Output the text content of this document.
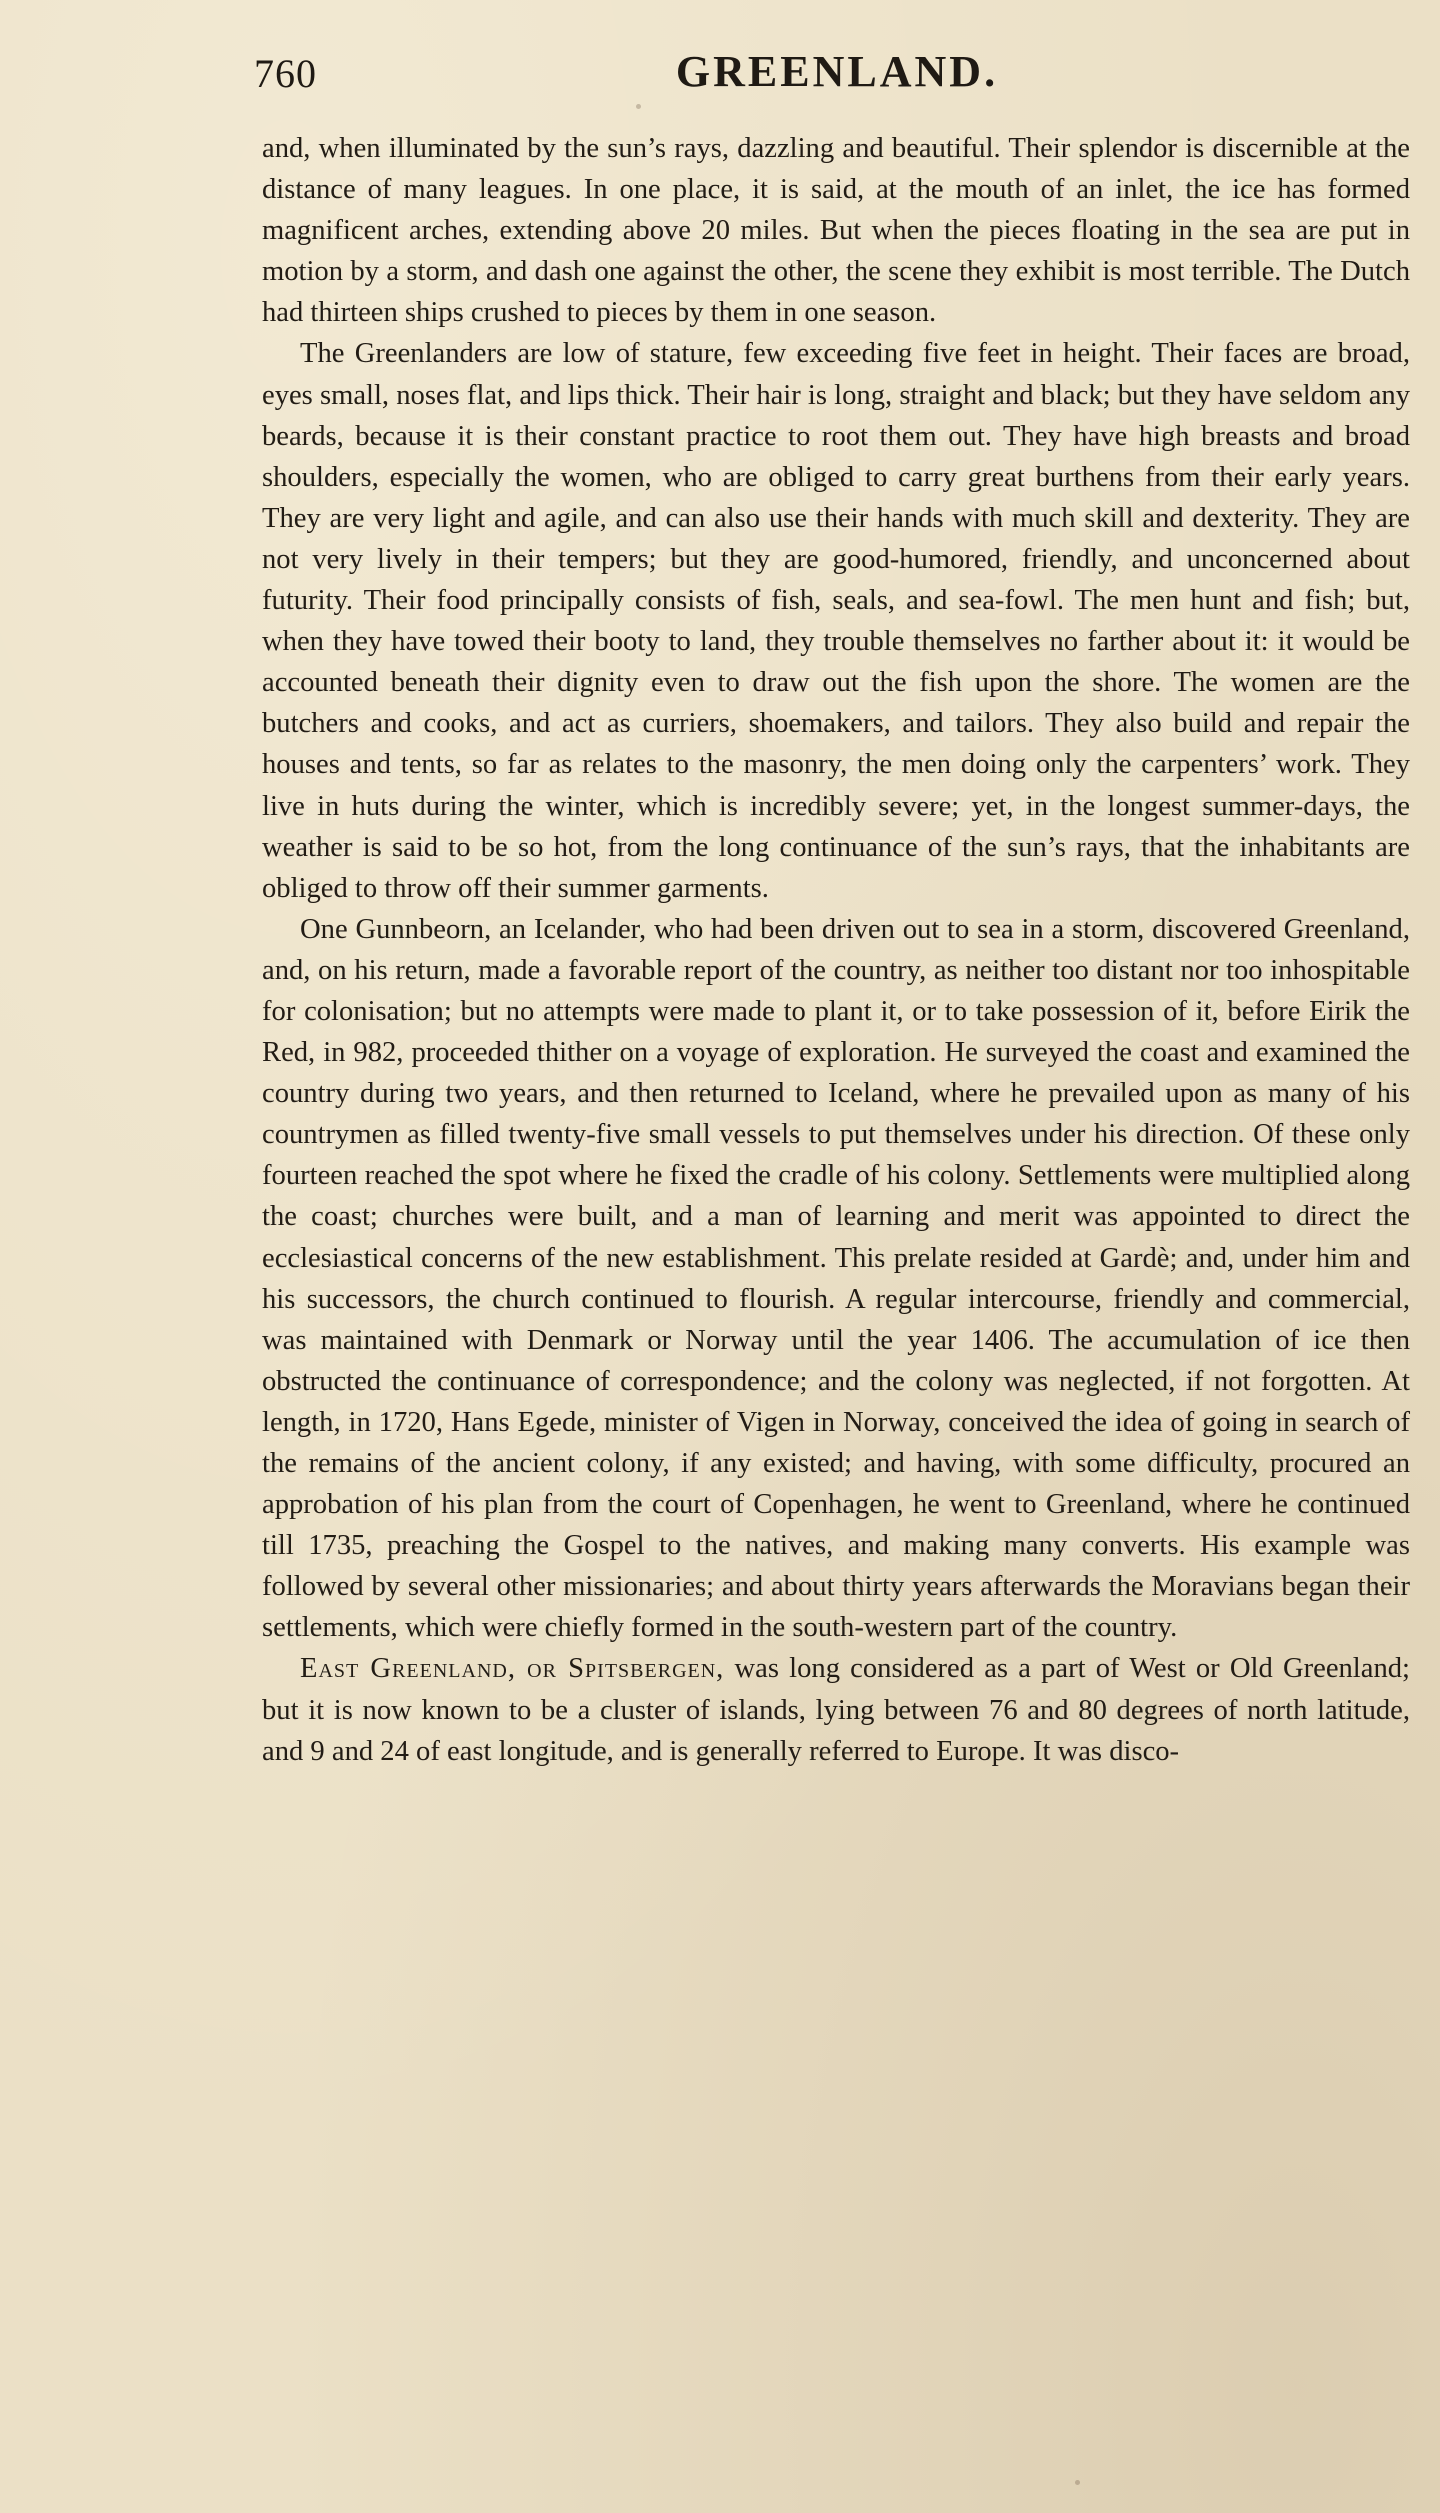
760	GREENLAND.

and, when illuminated by the sun’s rays, dazzling and beautiful. Their splendor is discernible at the distance of many leagues. In one place, it is said, at the mouth of an inlet, the ice has formed magnificent arches, extending above 20 miles. But when the pieces floating in the sea are put in motion by a storm, and dash one against the other, the scene they exhibit is most terrible. The Dutch had thirteen ships crushed to pieces by them in one season.

The Greenlanders are low of stature, few exceeding five feet in height. Their faces are broad, eyes small, noses flat, and lips thick. Their hair is long, straight and black; but they have seldom any beards, because it is their constant practice to root them out. They have high breasts and broad shoulders, especially the women, who are obliged to carry great burthens from their early years. They are very light and agile, and can also use their hands with much skill and dexterity. They are not very lively in their tempers; but they are good-humored, friendly, and unconcerned about futurity. Their food principally consists of fish, seals, and sea-fowl. The men hunt and fish; but, when they have towed their booty to land, they trouble themselves no farther about it: it would be accounted beneath their dignity even to draw out the fish upon the shore. The women are the butchers and cooks, and act as curriers, shoemakers, and tailors. They also build and repair the houses and tents, so far as relates to the masonry, the men doing only the carpenters’ work. They live in huts during the winter, which is incredibly severe; yet, in the longest summer-days, the weather is said to be so hot, from the long continuance of the sun’s rays, that the inhabitants are obliged to throw off their summer garments.

One Gunnbeorn, an Icelander, who had been driven out to sea in a storm, discovered Greenland, and, on his return, made a favorable report of the country, as neither too distant nor too inhospitable for colonisation; but no attempts were made to plant it, or to take possession of it, before Eirik the Red, in 982, proceeded thither on a voyage of exploration. He surveyed the coast and examined the country during two years, and then returned to Iceland, where he prevailed upon as many of his countrymen as filled twenty-five small vessels to put themselves under his direction. Of these only fourteen reached the spot where he fixed the cradle of his colony. Settlements were multiplied along the coast; churches were built, and a man of learning and merit was appointed to direct the ecclesiastical concerns of the new establishment. This prelate resided at Gardè; and, under him and his successors, the church continued to flourish. A regular intercourse, friendly and commercial, was maintained with Denmark or Norway until the year 1406. The accumulation of ice then obstructed the continuance of correspondence; and the colony was neglected, if not forgotten. At length, in 1720, Hans Egede, minister of Vigen in Norway, conceived the idea of going in search of the remains of the ancient colony, if any existed; and having, with some difficulty, procured an approbation of his plan from the court of Copenhagen, he went to Greenland, where he continued till 1735, preaching the Gospel to the natives, and making many converts. His example was followed by several other missionaries; and about thirty years afterwards the Moravians began their settlements, which were chiefly formed in the south-western part of the country.

East Greenland, or Spitsbergen, was long considered as a part of West or Old Greenland; but it is now known to be a cluster of islands, lying between 76 and 80 degrees of north latitude, and 9 and 24 of east longitude, and is generally referred to Europe. It was disco-
